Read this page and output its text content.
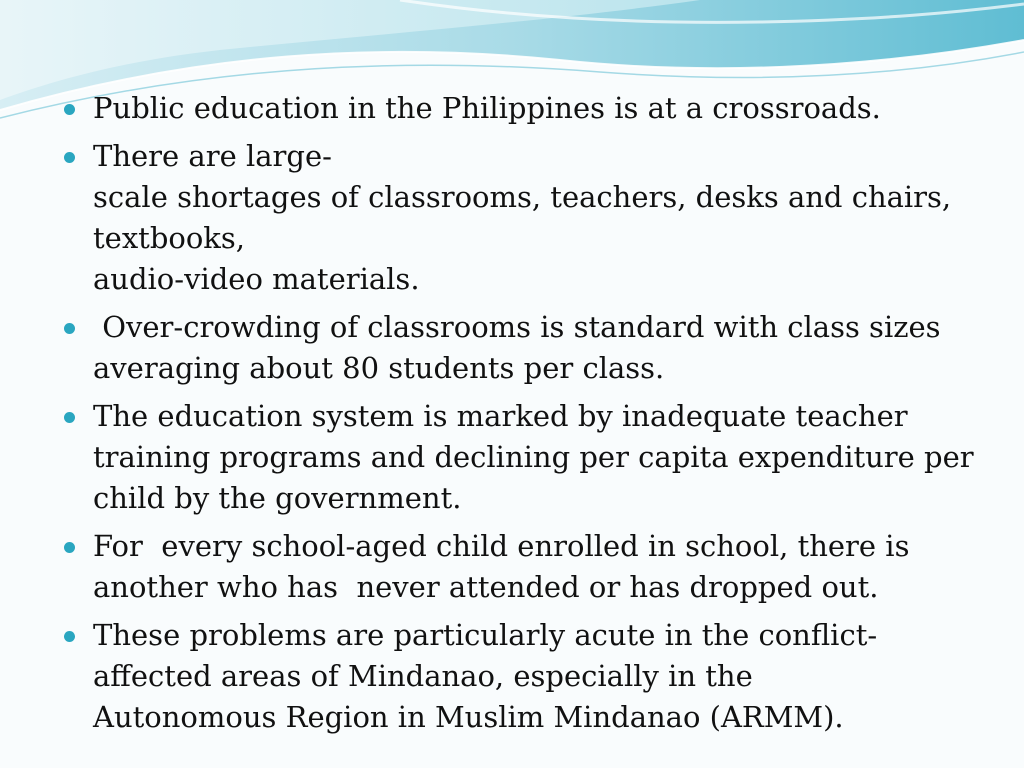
Public education in the Philippines is at a crossroads.
There are large-
scale shortages of classrooms, teachers, desks and chairs,
textbooks,
audio-video materials.
Over-crowding of classrooms is standard with class sizes
averaging about 80 students per class.
The education system is marked by inadequate teacher
training programs and declining per capita expenditure per
child by the government.
For  every school-aged child enrolled in school, there is
another who has  never attended or has dropped out.
These problems are particularly acute in the conflict-
affected areas of Mindanao, especially in the
Autonomous Region in Muslim Mindanao (ARMM).
